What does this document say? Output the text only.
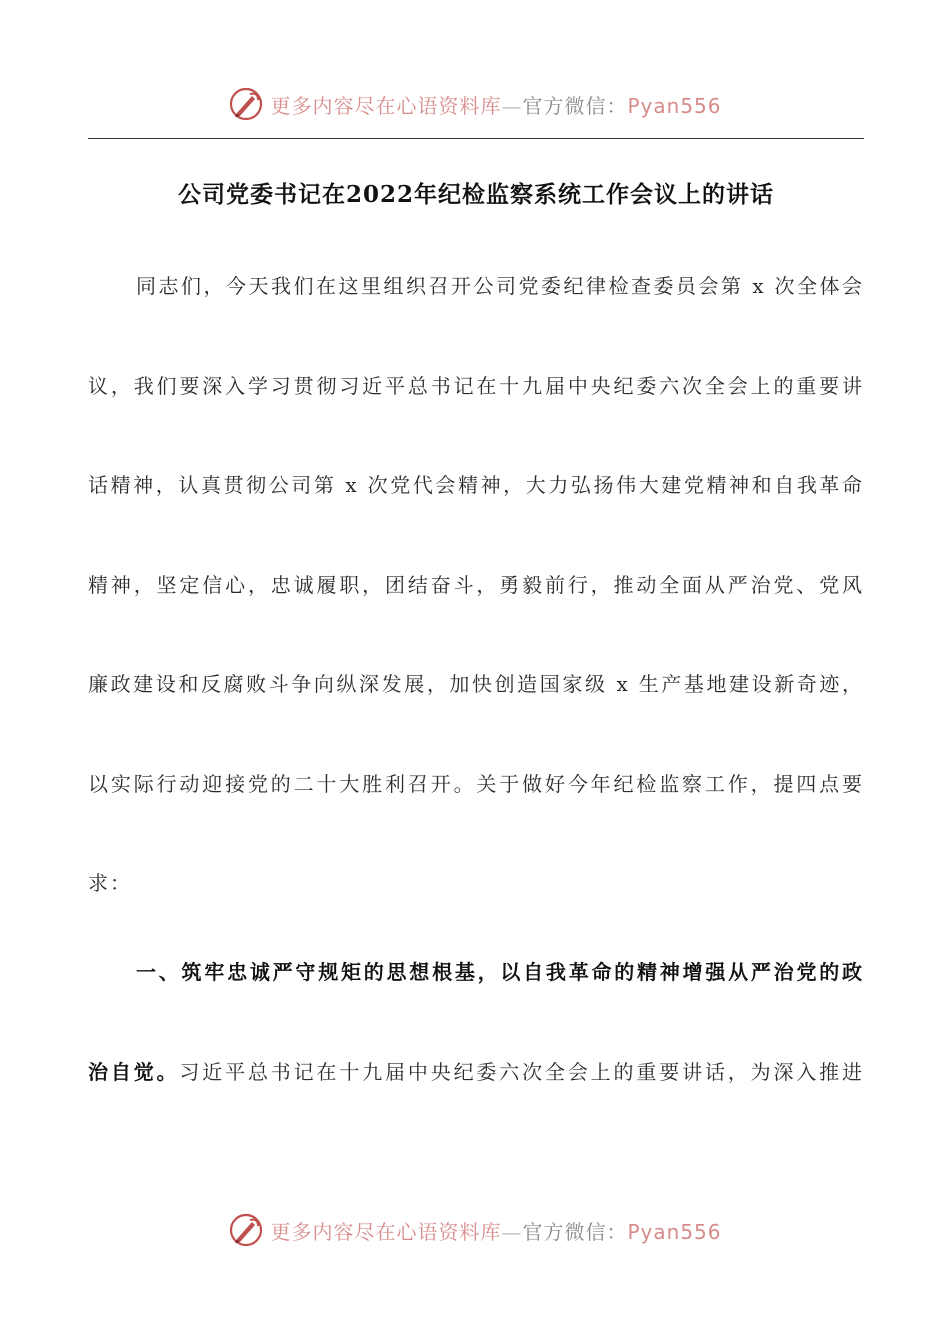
更多内容尽在心语资料库—官方微信：Pyan556
公司党委书记在2022年纪检监察系统工作会议上的讲话
同志们，今天我们在这里组织召开公司党委纪律检查委员会第 x 次全体会
议，我们要深入学习贯彻习近平总书记在十九届中央纪委六次全会上的重要讲
话精神，认真贯彻公司第 x 次党代会精神，大力弘扬伟大建党精神和自我革命
精神，坚定信心，忠诚履职，团结奋斗，勇毅前行，推动全面从严治党、党风
廉政建设和反腐败斗争向纵深发展，加快创造国家级 x 生产基地建设新奇迹，
以实际行动迎接党的二十大胜利召开。关于做好今年纪检监察工作，提四点要
求：
一、筑牢忠诚严守规矩的思想根基，以自我革命的精神增强从严治党的政
治自觉。习近平总书记在十九届中央纪委六次全会上的重要讲话，为深入推进
更多内容尽在心语资料库—官方微信：Pyan556
